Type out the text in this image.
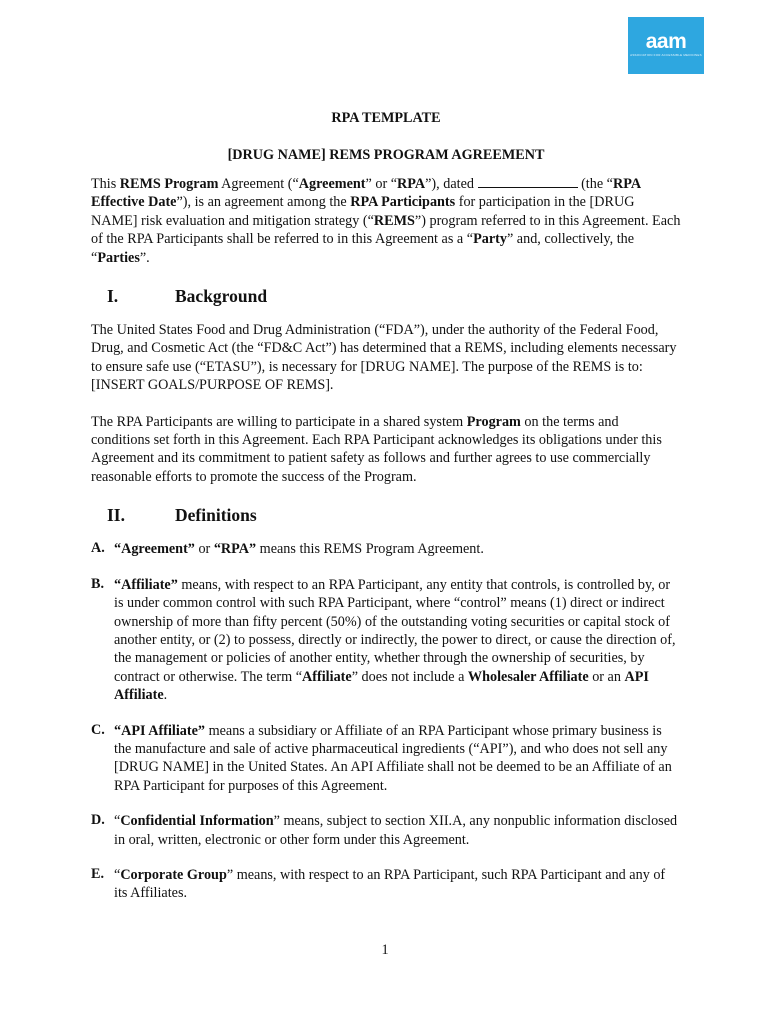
aam
ASSOCIATION FOR ACCESSIBLE MEDICINES
RPA TEMPLATE
[DRUG NAME] REMS PROGRAM AGREEMENT

This REMS Program Agreement (“Agreement” or “RPA”), dated	(the “RPA Effective Date”), is an agreement among the RPA Participants for participation in the [DRUG NAME] risk evaluation and mitigation strategy (“REMS”) program referred to in this Agreement. Each of the RPA Participants shall be referred to in this Agreement as a “Party” and, collectively, the “Parties”.

I.	Background

The United States Food and Drug Administration (“FDA”), under the authority of the Federal Food, Drug, and Cosmetic Act (the “FD&C Act”) has determined that a REMS, including elements necessary to ensure safe use (“ETASU”), is necessary for [DRUG NAME]. The purpose of the REMS is to: [INSERT GOALS/PURPOSE OF REMS].

The RPA Participants are willing to participate in a shared system Program on the terms and conditions set forth in this Agreement. Each RPA Participant acknowledges its obligations under this Agreement and its commitment to patient safety as follows and further agrees to use commercially reasonable efforts to promote the success of the Program.

II.	Definitions
A. “Agreement” or “RPA” means this REMS Program Agreement.
B. “Affiliate” means, with respect to an RPA Participant, any entity that controls, is controlled by, or is under common control with such RPA Participant, where “control” means (1) direct or indirect ownership of more than fifty percent (50%) of the outstanding voting securities or capital stock of another entity, or (2) to possess, directly or indirectly, the power to direct, or cause the direction of, the management or policies of another entity, whether through the ownership of securities, by contract or otherwise. The term “Affiliate” does not include a Wholesaler Affiliate or an API Affiliate.
C. “API Affiliate” means a subsidiary or Affiliate of an RPA Participant whose primary business is the manufacture and sale of active pharmaceutical ingredients (“API”), and who does not sell any [DRUG NAME] in the United States. An API Affiliate shall not be deemed to be an Affiliate of an RPA Participant for purposes of this Agreement.
D. “Confidential Information” means, subject to section XII.A, any nonpublic information disclosed in oral, written, electronic or other form under this Agreement.
E. “Corporate Group” means, with respect to an RPA Participant, such RPA Participant and any of its Affiliates.
1
